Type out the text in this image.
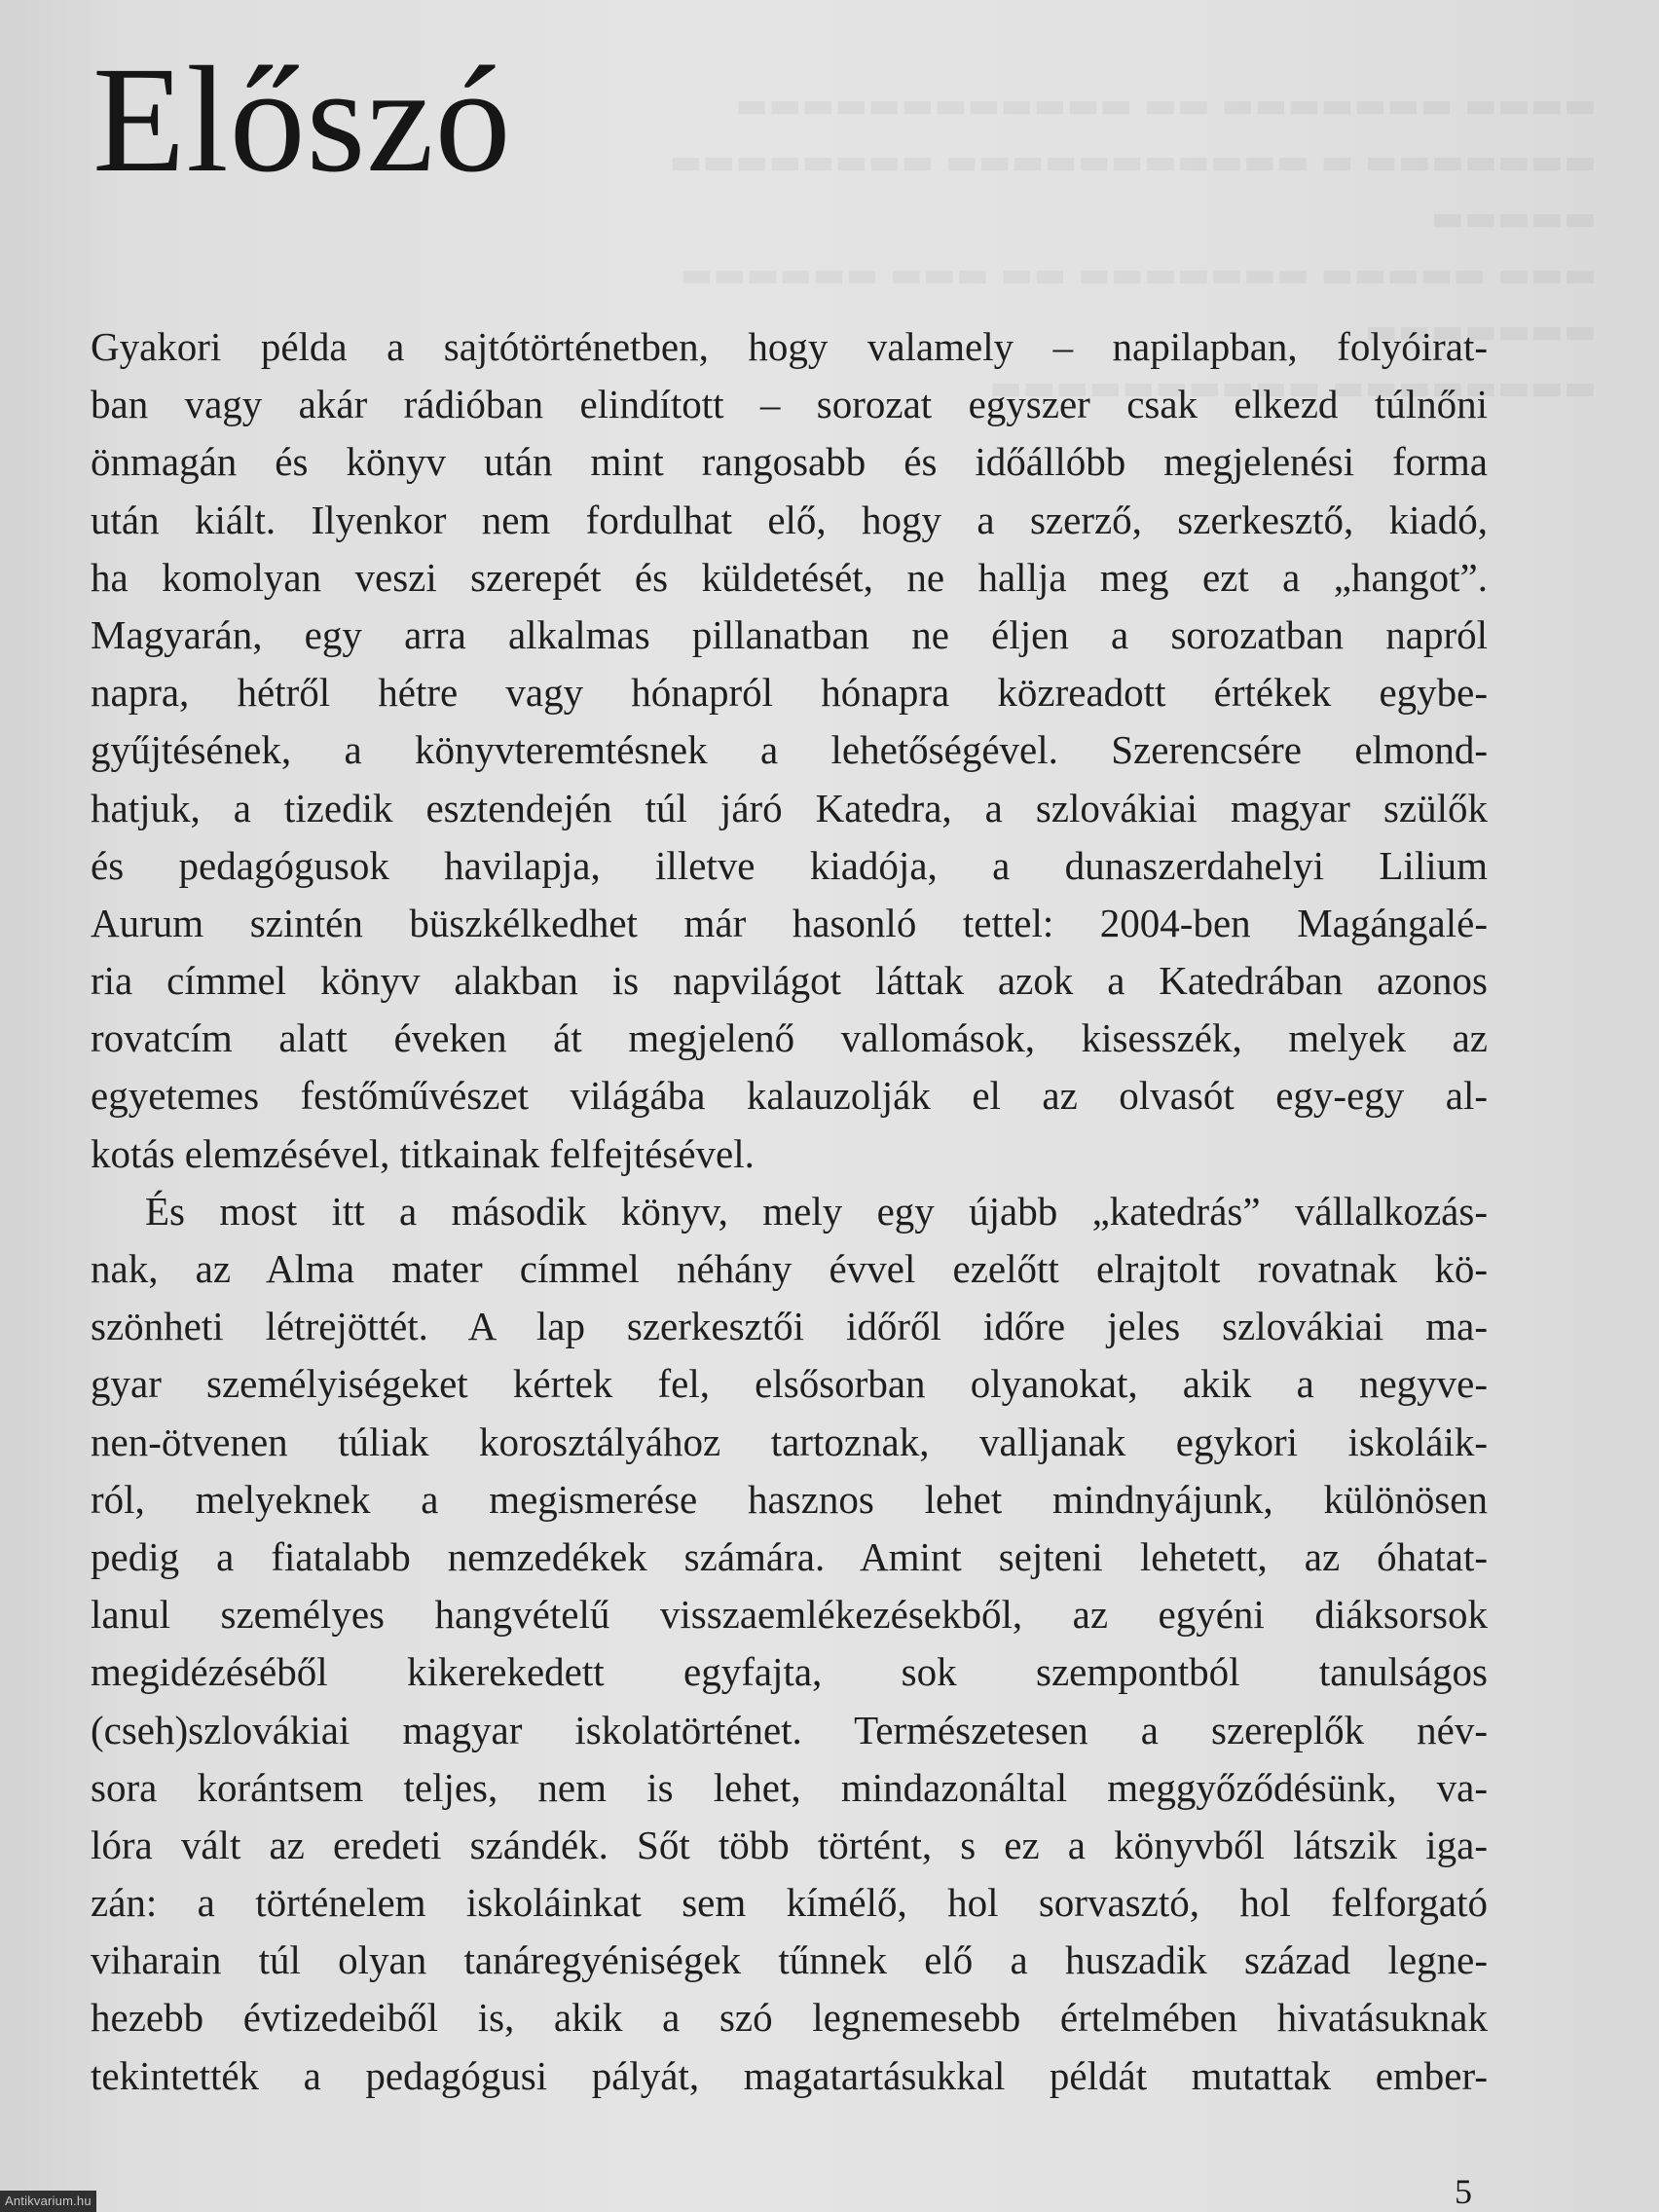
Előszó
Gyakori példa a sajtótörténetben, hogy valamely – napilapban, folyóirat-
ban vagy akár rádióban elindított – sorozat egyszer csak elkezd túlnőni
önmagán és könyv után mint rangosabb és időállóbb megjelenési forma
után kiált. Ilyenkor nem fordulhat elő, hogy a szerző, szerkesztő, kiadó,
ha komolyan veszi szerepét és küldetését, ne hallja meg ezt a „hangot”.
Magyarán, egy arra alkalmas pillanatban ne éljen a sorozatban napról
napra, hétről hétre vagy hónapról hónapra közreadott értékek egybe-
gyűjtésének, a könyvteremtésnek a lehetőségével. Szerencsére elmond-
hatjuk, a tizedik esztendején túl járó Katedra, a szlovákiai magyar szülők
és pedagógusok havilapja, illetve kiadója, a dunaszerdahelyi Lilium
Aurum szintén büszkélkedhet már hasonló tettel: 2004-ben Magángalé-
ria címmel könyv alakban is napvilágot láttak azok a Katedrában azonos
rovatcím alatt éveken át megjelenő vallomások, kisesszék, melyek az
egyetemes festőművészet világába kalauzolják el az olvasót egy-egy al-
kotás elemzésével, titkainak felfejtésével.
És most itt a második könyv, mely egy újabb „katedrás” vállalkozás-
nak, az Alma mater címmel néhány évvel ezelőtt elrajtolt rovatnak kö-
szönheti létrejöttét. A lap szerkesztői időről időre jeles szlovákiai ma-
gyar személyiségeket kértek fel, elsősorban olyanokat, akik a negyve-
nen-ötvenen túliak korosztályához tartoznak, valljanak egykori iskoláik-
ról, melyeknek a megismerése hasznos lehet mindnyájunk, különösen
pedig a fiatalabb nemzedékek számára. Amint sejteni lehetett, az óhatat-
lanul személyes hangvételű visszaemlékezésekből, az egyéni diáksorsok
megidézéséből kikerekedett egyfajta, sok szempontból tanulságos
(cseh)szlovákiai magyar iskolatörténet. Természetesen a szereplők név-
sora korántsem teljes, nem is lehet, mindazonáltal meggyőződésünk, va-
lóra vált az eredeti szándék. Sőt több történt, s ez a könyvből látszik iga-
zán: a történelem iskoláinkat sem kímélő, hol sorvasztó, hol felforgató
viharain túl olyan tanáregyéniségek tűnnek elő a huszadik század legne-
hezebb évtizedeiből is, akik a szó legnemesebb értelmében hivatásuknak
tekintették a pedagógusi pályát, magatartásukkal példát mutattak ember-
5
Antikvarium.hu
